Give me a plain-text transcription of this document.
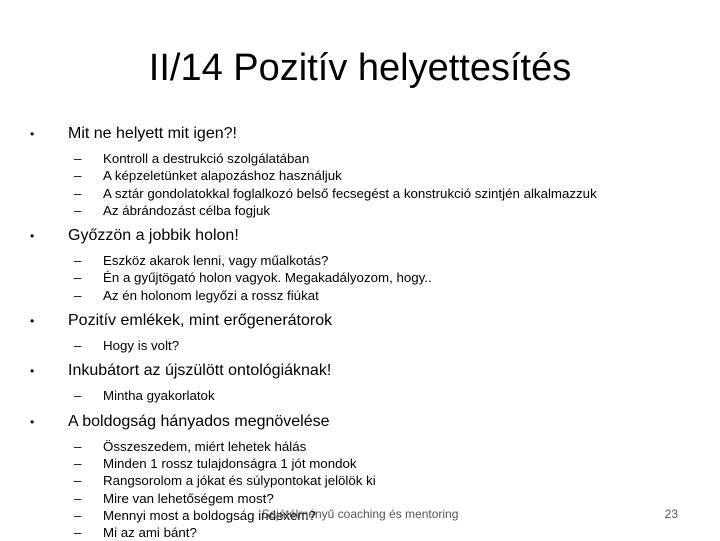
II/14 Pozitív helyettesítés
•	Mit ne helyett mit igen?!
– Kontroll a destrukció szolgálatában
– A képzeletünket alapozáshoz használjuk
– A sztár gondolatokkal foglalkozó belső fecsegést a konstrukció szintjén alkalmazzuk
– Az ábrándozást célba fogjuk
•	Győzzön a jobbik holon!
– Eszköz akarok lenni, vagy műalkotás?
– Én a gyűjtögató holon vagyok. Megakadályozom, hogy..
– Az én holonom legyőzi a rossz fiúkat
•	Pozitív emlékek, mint erőgenerátorok
– Hogy is volt?
•	Inkubátort az újszülött ontológiáknak!
– Mintha gyakorlatok
•	A boldogság hányados megnövelése
– Összeszedem, miért lehetek hálás
– Minden 1 rossz tulajdonságra 1 jót mondok
– Rangsorolom a jókat és súlypontokat jelölök ki
– Mire van lehetőségem most?
– Mennyi most a boldogság indexem?
– Mi az ami bánt?
Sajátélményű coaching és mentoring	23
